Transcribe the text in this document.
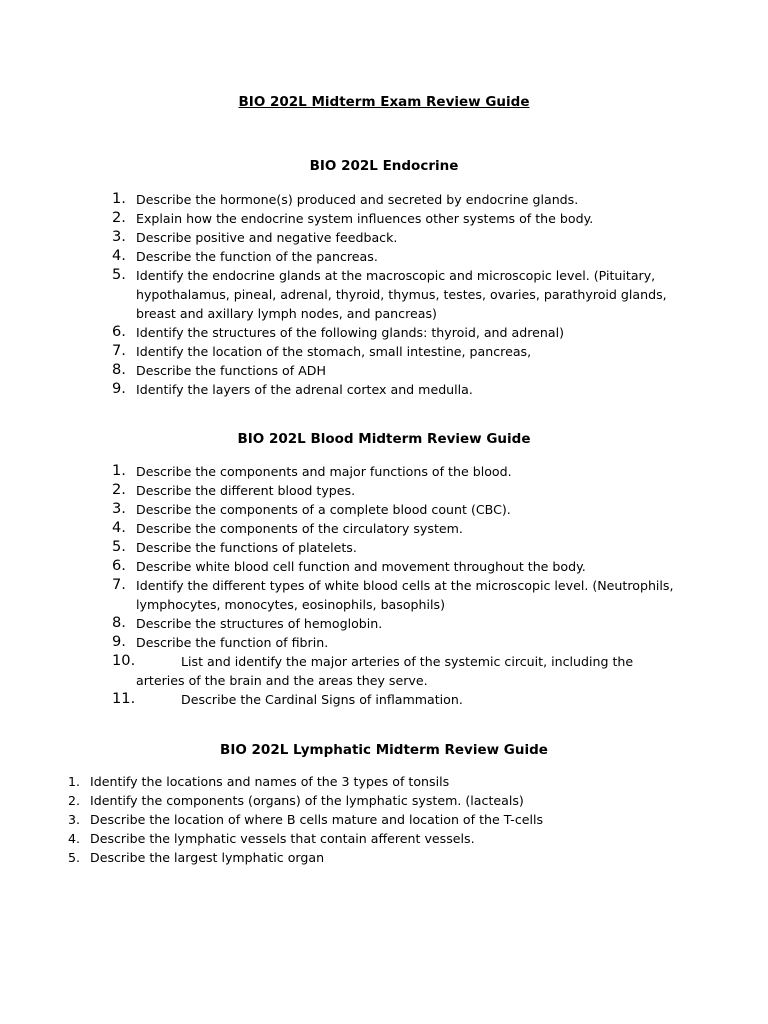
BIO 202L Midterm Exam Review Guide
BIO 202L Endocrine
1. Describe the hormone(s) produced and secreted by endocrine glands.
2. Explain how the endocrine system influences other systems of the body.
3. Describe positive and negative feedback.
4. Describe the function of the pancreas.
5. Identify the endocrine glands at the macroscopic and microscopic level. (Pituitary, hypothalamus, pineal, adrenal, thyroid, thymus, testes, ovaries, parathyroid glands, breast and axillary lymph nodes, and pancreas)
6. Identify the structures of the following glands: thyroid, and adrenal)
7. Identify the location of the stomach, small intestine, pancreas,
8. Describe the functions of ADH
9. Identify the layers of the adrenal cortex and medulla.
BIO 202L Blood Midterm Review Guide
1. Describe the components and major functions of the blood.
2. Describe the different blood types.
3. Describe the components of a complete blood count (CBC).
4. Describe the components of the circulatory system.
5. Describe the functions of platelets.
6. Describe white blood cell function and movement throughout the body.
7. Identify the different types of white blood cells at the microscopic level. (Neutrophils, lymphocytes, monocytes, eosinophils, basophils)
8. Describe the structures of hemoglobin.
9. Describe the function of fibrin.
10.	List and identify the major arteries of the systemic circuit, including the arteries of the brain and the areas they serve.
11.	Describe the Cardinal Signs of inflammation.
BIO 202L Lymphatic Midterm Review Guide
1. Identify the locations and names of the 3 types of tonsils
2. Identify the components (organs) of the lymphatic system. (lacteals)
3. Describe the location of where B cells mature and location of the T-cells
4. Describe the lymphatic vessels that contain afferent vessels.
5. Describe the largest lymphatic organ
